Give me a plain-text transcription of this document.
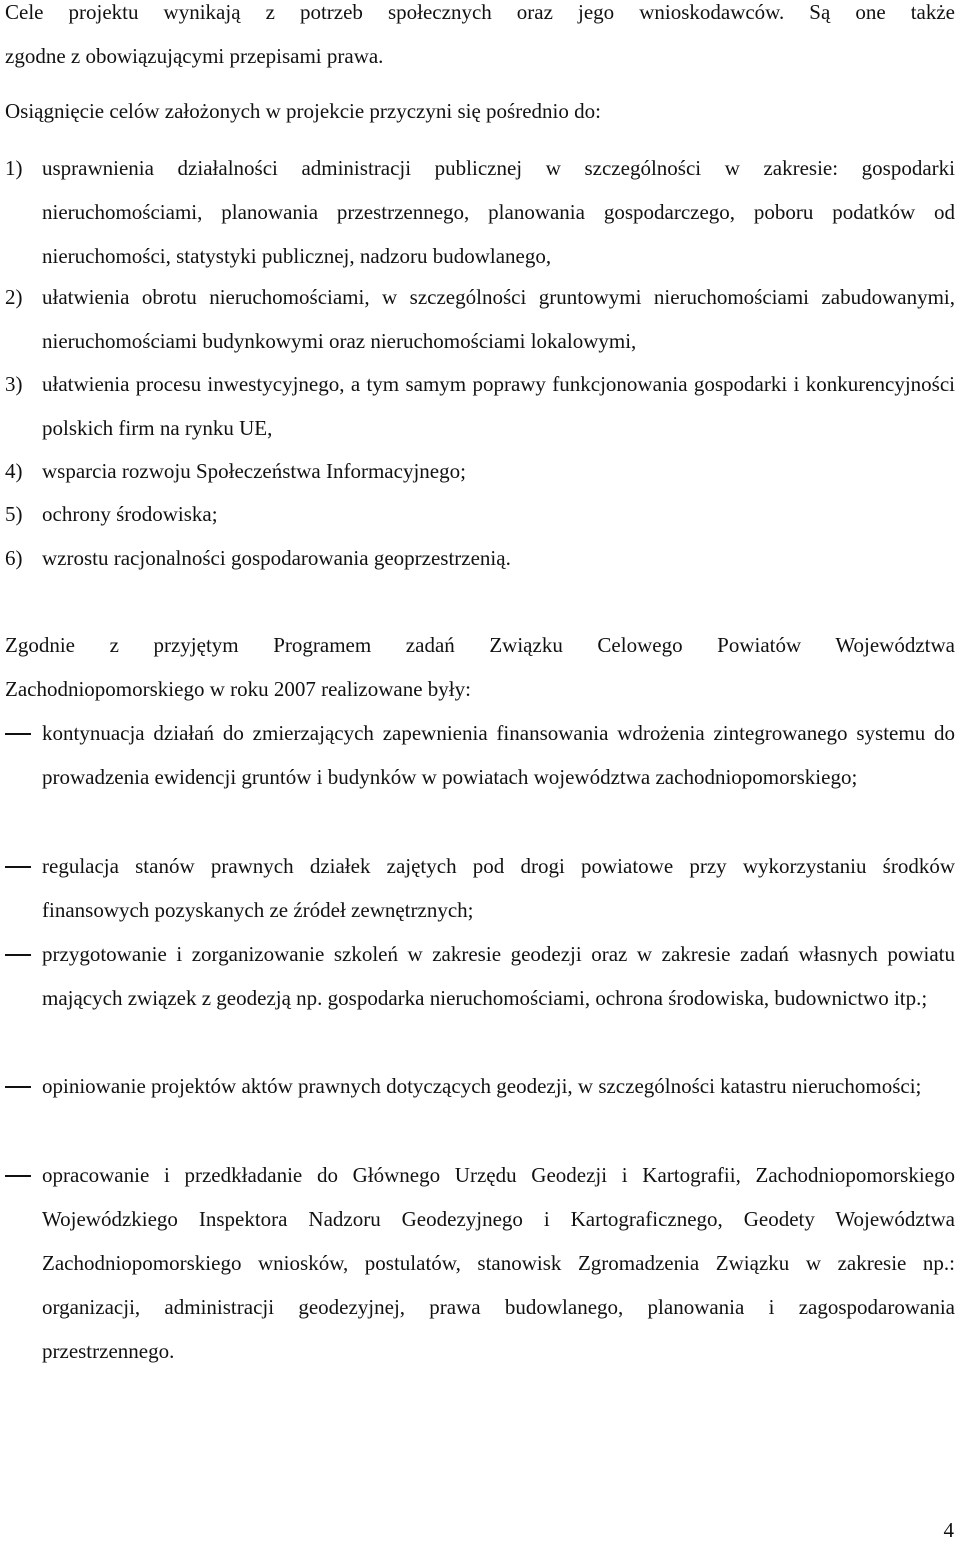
Cele projektu wynikają z potrzeb społecznych oraz jego wnioskodawców. Są one także
zgodne z obowiązującymi przepisami prawa.
Osiągnięcie celów założonych w projekcie przyczyni się pośrednio do:
1) usprawnienia działalności administracji publicznej w szczególności w zakresie: gospodarki nieruchomościami, planowania przestrzennego, planowania gospodarczego, poboru podatków od nieruchomości, statystyki publicznej, nadzoru budowlanego,
2) ułatwienia obrotu nieruchomościami, w szczególności gruntowymi nieruchomościami zabudowanymi, nieruchomościami budynkowymi oraz nieruchomościami lokalowymi,
3) ułatwienia procesu inwestycyjnego, a tym samym poprawy funkcjonowania gospodarki i konkurencyjności polskich firm na rynku UE,
4) wsparcia rozwoju Społeczeństwa Informacyjnego;
5) ochrony środowiska;
6) wzrostu racjonalności gospodarowania geoprzestrzenią.
Zgodnie z przyjętym Programem zadań Związku Celowego Powiatów Województwa
Zachodniopomorskiego w roku 2007 realizowane były:
kontynuacja działań do zmierzających zapewnienia finansowania wdrożenia zintegrowanego systemu do prowadzenia ewidencji gruntów i budynków w powiatach województwa zachodniopomorskiego;
regulacja stanów prawnych działek zajętych pod drogi powiatowe przy wykorzystaniu środków finansowych pozyskanych ze źródeł zewnętrznych;
przygotowanie i zorganizowanie szkoleń w zakresie geodezji oraz w zakresie zadań własnych powiatu mających związek z geodezją np. gospodarka nieruchomościami, ochrona środowiska, budownictwo itp.;
opiniowanie projektów aktów prawnych dotyczących geodezji, w szczególności katastru nieruchomości;
opracowanie i przedkładanie do Głównego Urzędu Geodezji i Kartografii, Zachodniopomorskiego Wojewódzkiego Inspektora Nadzoru Geodezyjnego i Kartograficznego, Geodety Województwa Zachodniopomorskiego wniosków, postulatów, stanowisk Zgromadzenia Związku w zakresie np.: organizacji, administracji geodezyjnej, prawa budowlanego, planowania i zagospodarowania przestrzennego.
4
